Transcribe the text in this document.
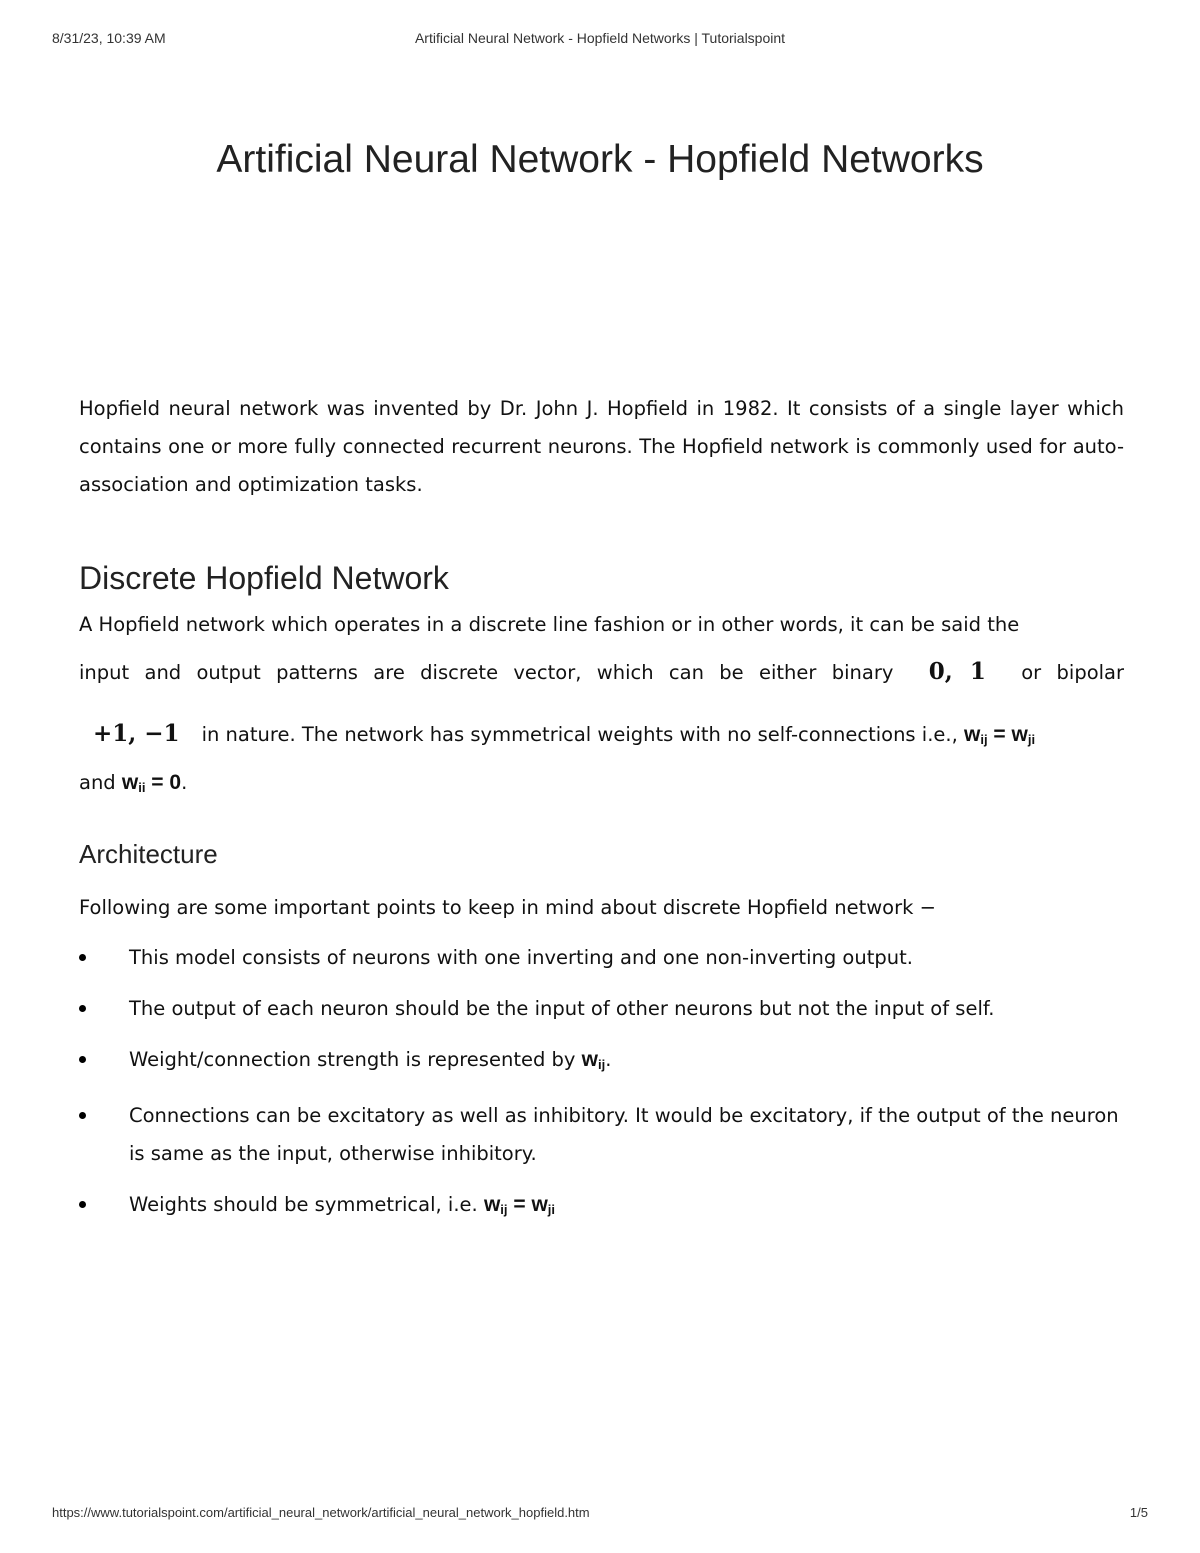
8/31/23, 10:39 AM	Artificial Neural Network - Hopfield Networks | Tutorialspoint
Artificial Neural Network - Hopfield Networks

Hopfield neural network was invented by Dr. John J. Hopfield in 1982. It consists of a single layer which contains one or more fully connected recurrent neurons. The Hopfield network is commonly used for auto-association and optimization tasks.

Discrete Hopfield Network

A Hopfield network which operates in a discrete line fashion or in other words, it can be said the
input and output patterns are discrete vector, which can be either binary 0, 1 or bipolar
+1, −1 in nature. The network has symmetrical weights with no self-connections i.e., $w_{ij} = w_{ji}$
and $w_{ii} = 0$.

Architecture

Following are some important points to keep in mind about discrete Hopfield network −

This model consists of neurons with one inverting and one non-inverting output.
The output of each neuron should be the input of other neurons but not the input of self.
Weight/connection strength is represented by $w_{ij}$.
Connections can be excitatory as well as inhibitory. It would be excitatory, if the output of the neuron is same as the input, otherwise inhibitory.
Weights should be symmetrical, i.e. $w_{ij} = w_{ji}$
https://www.tutorialspoint.com/artificial_neural_network/artificial_neural_network_hopfield.htm	1/5
